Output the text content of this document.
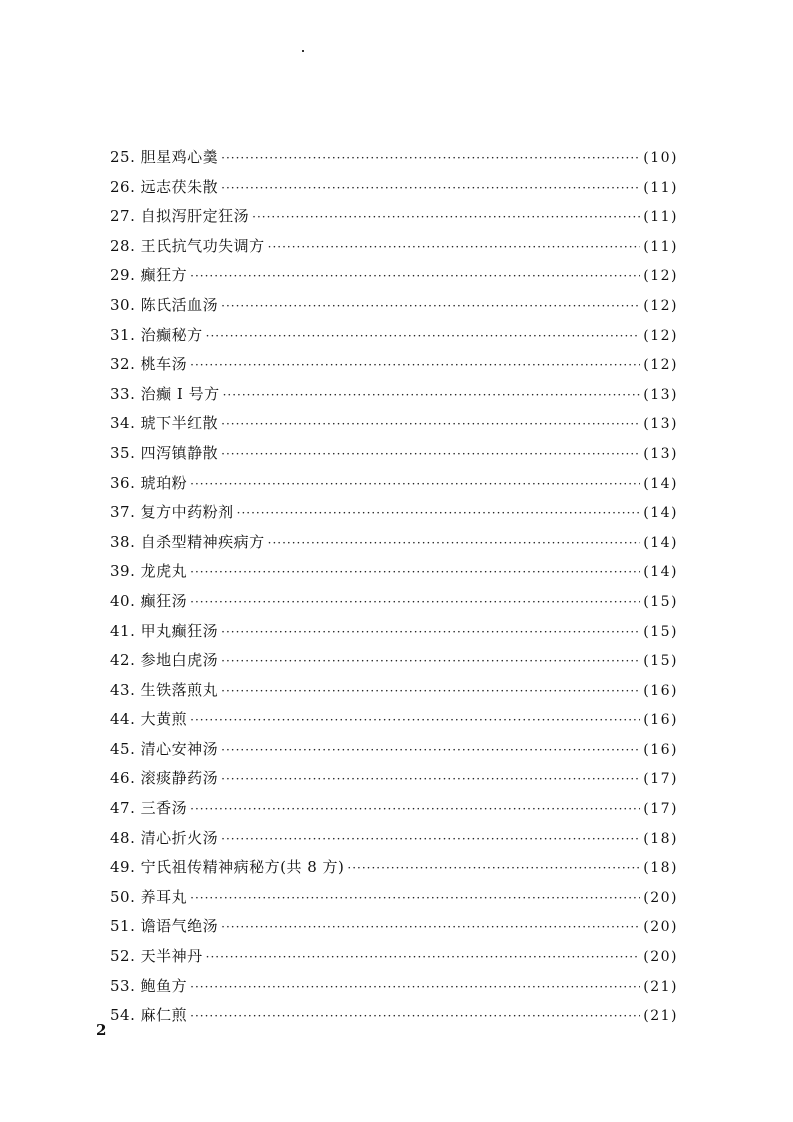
25. 胆星鸡心羹 ·····	(10)
26. 远志茯朱散 ·····	(11)
27. 自拟泻肝定狂汤 ·····	(11)
28. 王氏抗气功失调方 ·····	(11)
29. 癫狂方 ·····	(12)
30. 陈氏活血汤 ·····	(12)
31. 治癫秘方 ·····	(12)
32. 桃车汤 ·····	(12)
33. 治癫 I 号方 ·····	(13)
34. 琥下半红散 ·····	(13)
35. 四泻镇静散 ·····	(13)
36. 琥珀粉 ·····	(14)
37. 复方中药粉剂 ·····	(14)
38. 自杀型精神疾病方 ·····	(14)
39. 龙虎丸 ·····	(14)
40. 癫狂汤 ·····	(15)
41. 甲丸癫狂汤 ·····	(15)
42. 参地白虎汤 ·····	(15)
43. 生铁落煎丸 ·····	(16)
44. 大黄煎 ·····	(16)
45. 清心安神汤 ·····	(16)
46. 滚痰静药汤 ·····	(17)
47. 三香汤 ·····	(17)
48. 清心折火汤 ·····	(18)
49. 宁氏祖传精神病秘方(共 8 方) ·····	(18)
50. 养耳丸 ·····	(20)
51. 谵语气绝汤 ·····	(20)
52. 天半神丹 ·····	(20)
53. 鲍鱼方 ·····	(21)
54. 麻仁煎 ·····	(21)
2
